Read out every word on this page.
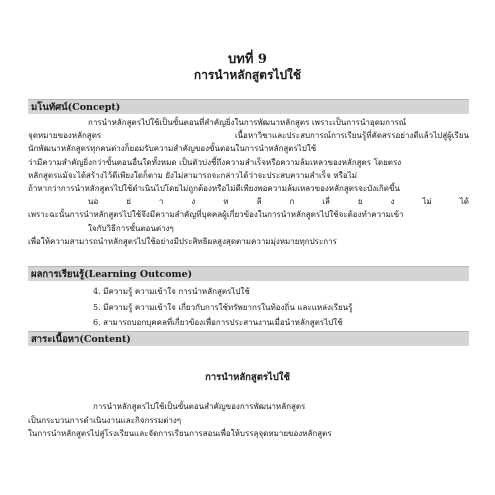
บทที่ 9
การนำหลักสูตรไปใช้
มโนทัศน์(Concept)
การนำหลักสูตรไปใช้เป็นขั้นตอนที่สำคัญยิ่งในการพัฒนาหลักสูตร เพราะเป็นการนำอุดมการณ์
จุดหมายของหลักสูตร เนื้อหาวิชาและประสบการณ์การเรียนรู้ที่คัดสรรอย่างดีแล้วไปสู่ผู้เรียน
นักพัฒนาหลักสูตรทุกคนต่างก็ยอมรับความสำคัญของขั้นตอนในการนำหลักสูตรไปใช้
ว่ามีความสำคัญยิ่งกว่าขั้นตอนอื่นใดทั้งหมด เป็นตัวบ่งชี้ถึงความสำเร็จหรือความล้มเหลวของหลักสูตร โดยตรง
หลักสูตรแม้จะได้สร้างไว้ดีเพียงใดก็ตาม ยังไม่สามารถจะกล่าวได้ว่าจะประสบความสำเร็จ หรือไม่
ถ้าหากว่าการนำหลักสูตรไปใช้ดำเนินไปโดยไม่ถูกต้องหรือไม่ดีเพียงพอความล้มเหลวของหลักสูตรจะบังเกิดขึ้น
นอ ย่ า ง ห ลี ก เลี่ ย ง ไม่ ได้
เพราะฉะนั้นการนำหลักสูตรไปใช้จึงมีความสำคัญที่บุคคลผู้เกี่ยวข้องในการนำหลักสูตรไปใช้จะต้องทำความเข้า
ใจกับวิธีการขั้นตอนต่างๆ
เพื่อให้ความสามารถนำหลักสูตรไปใช้อย่างมีประสิทธิผลสูงสุดตามความมุ่งหมายทุกประการ
ผลการเรียนรู้(Learning Outcome)
4. มีความรู้ ความเข้าใจ การนำหลักสูตรไปใช้
5. มีความรู้ ความเข้าใจ เกี่ยวกับการใช้ทรัพยากรในท้องถิ่น และแหล่งเรียนรู้
6. สามารถบอกบุคคลที่เกี่ยวข้องเพื่อการประสานงานเมื่อนำหลักสูตรไปใช้
สาระเนื้อหา(Content)
การนำหลักสูตรไปใช้
การนำหลักสูตรไปใช้เป็นขั้นตอนสำคัญของการพัฒนาหลักสูตร
เป็นกระบวนการดำเนินงานและกิจกรรมต่างๆ
ในการนำหลักสูตรไปสู่โรงเรียนและจัดการเรียนการสอนเพื่อให้บรรลุจุดหมายของหลักสูตร
